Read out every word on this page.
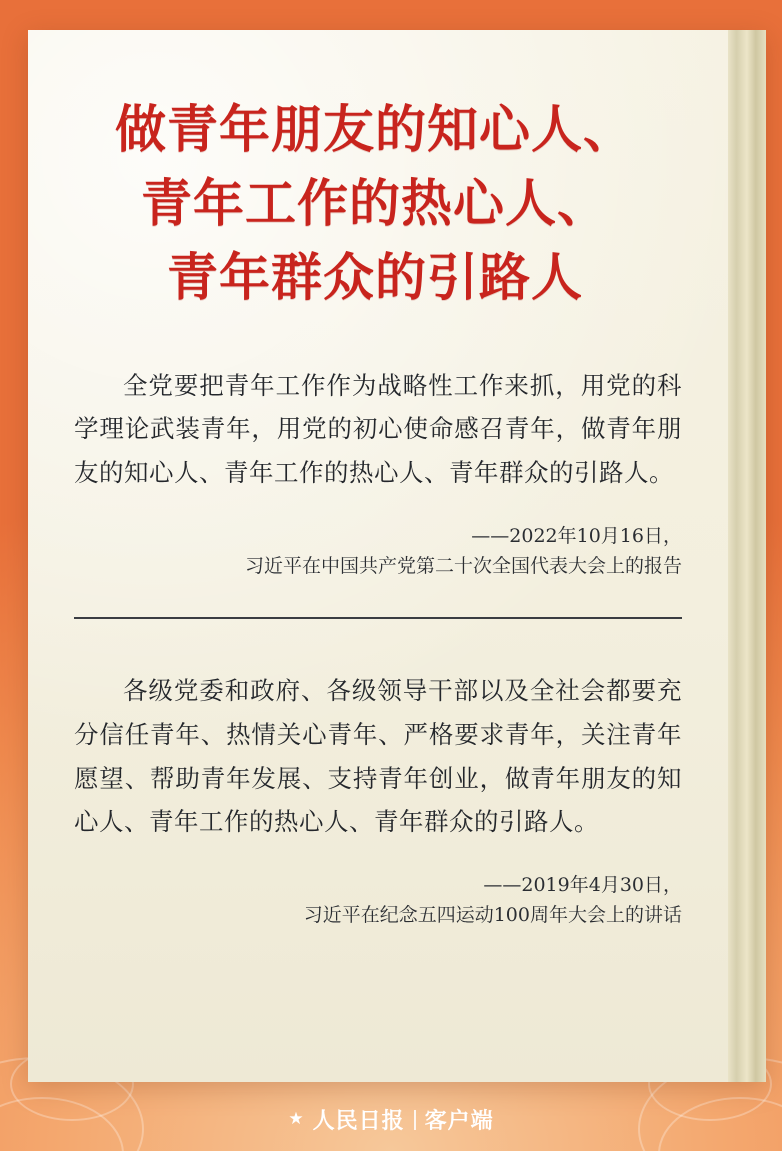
做青年朋友的知心人、
青年工作的热心人、
青年群众的引路人

全党要把青年工作作为战略性工作来抓，用党的科学理论武装青年，用党的初心使命感召青年，做青年朋友的知心人、青年工作的热心人、青年群众的引路人。

——2022年10月16日，
习近平在中国共产党第二十次全国代表大会上的报告

各级党委和政府、各级领导干部以及全社会都要充分信任青年、热情关心青年、严格要求青年，关注青年愿望、帮助青年发展、支持青年创业，做青年朋友的知心人、青年工作的热心人、青年群众的引路人。

——2019年4月30日，
习近平在纪念五四运动100周年大会上的讲话
★ 人民日报 客户端
